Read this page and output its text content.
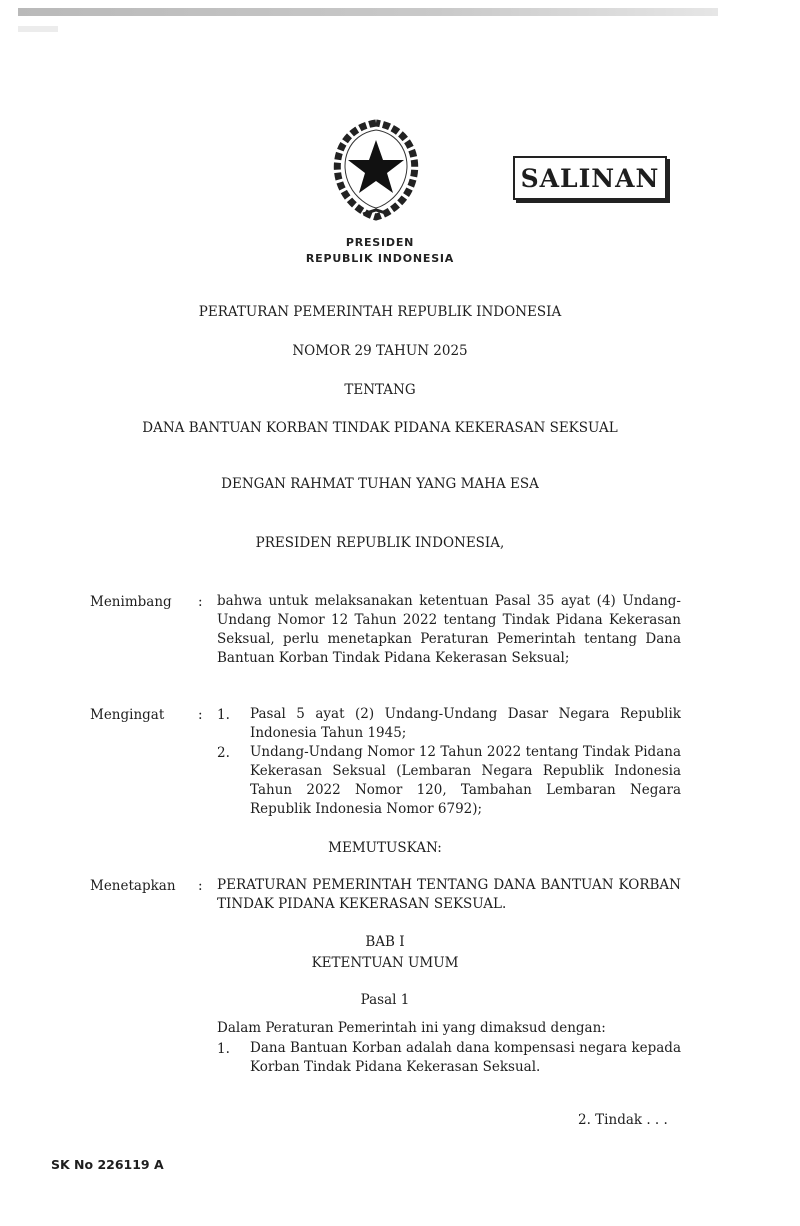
SALINAN
PRESIDEN
REPUBLIK INDONESIA
PERATURAN PEMERINTAH REPUBLIK INDONESIA
NOMOR 29 TAHUN 2025
TENTANG
DANA BANTUAN KORBAN TINDAK PIDANA KEKERASAN SEKSUAL
DENGAN RAHMAT TUHAN YANG MAHA ESA
PRESIDEN REPUBLIK INDONESIA,
Menimbang : bahwa untuk melaksanakan ketentuan Pasal 35 ayat (4) Undang-Undang Nomor 12 Tahun 2022 tentang Tindak Pidana Kekerasan Seksual, perlu menetapkan Peraturan Pemerintah tentang Dana Bantuan Korban Tindak Pidana Kekerasan Seksual;
Mengingat : 1. Pasal 5 ayat (2) Undang-Undang Dasar Negara Republik Indonesia Tahun 1945;
2. Undang-Undang Nomor 12 Tahun 2022 tentang Tindak Pidana Kekerasan Seksual (Lembaran Negara Republik Indonesia Tahun 2022 Nomor 120, Tambahan Lembaran Negara Republik Indonesia Nomor 6792);
MEMUTUSKAN:
Menetapkan : PERATURAN PEMERINTAH TENTANG DANA BANTUAN KORBAN TINDAK PIDANA KEKERASAN SEKSUAL.
BAB I
KETENTUAN UMUM
Pasal 1
Dalam Peraturan Pemerintah ini yang dimaksud dengan:
1. Dana Bantuan Korban adalah dana kompensasi negara kepada Korban Tindak Pidana Kekerasan Seksual.
2. Tindak . . .
SK No 226119 A
